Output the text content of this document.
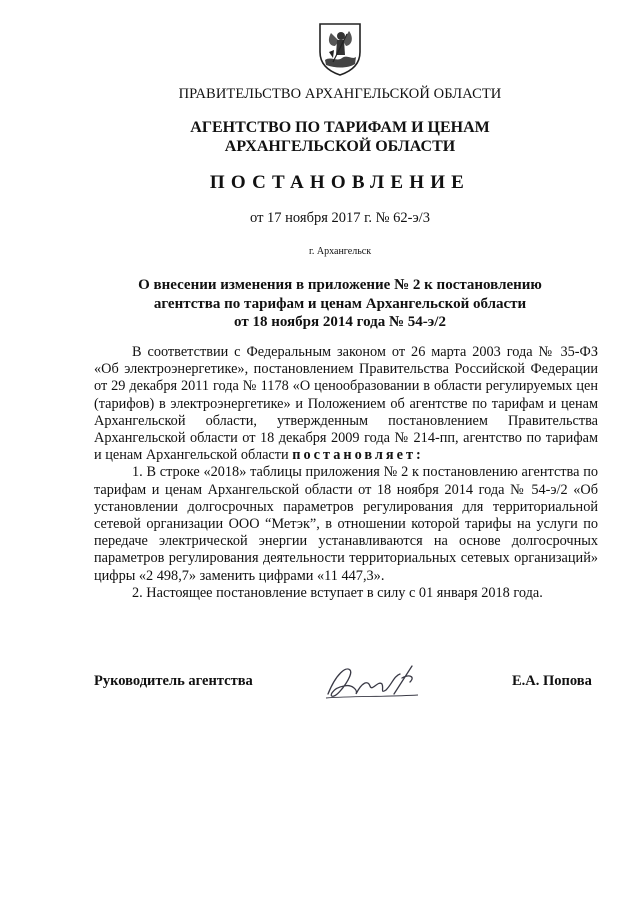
ПРАВИТЕЛЬСТВО АРХАНГЕЛЬСКОЙ ОБЛАСТИ
АГЕНТСТВО ПО ТАРИФАМ И ЦЕНАМ
АРХАНГЕЛЬСКОЙ ОБЛАСТИ
ПОСТАНОВЛЕНИЕ
от 17 ноября 2017 г. № 62-э/3
г. Архангельск
О внесении изменения в приложение № 2 к постановлению
агентства по тарифам и ценам Архангельской области
от 18 ноября 2014 года № 54-э/2

В соответствии с Федеральным законом от 26 марта 2003 года № 35-ФЗ «Об электроэнергетике», постановлением Правительства Российской Федерации от 29 декабря 2011 года № 1178 «О ценообразовании в области регулируемых цен (тарифов) в электроэнергетике» и Положением об агентстве по тарифам и ценам Архангельской области, утвержденным постановлением Правительства Архангельской области от 18 декабря 2009 года № 214-пп, агентство по тарифам и ценам Архангельской области постановляет:

1. В строке «2018» таблицы приложения № 2 к постановлению агентства по тарифам и ценам Архангельской области от 18 ноября 2014 года № 54-э/2 «Об установлении долгосрочных параметров регулирования для территориальной сетевой организации ООО “Метэк”, в отношении которой тарифы на услуги по передаче электрической энергии устанавливаются на основе долгосрочных параметров регулирования деятельности территориальных сетевых организаций» цифры «2 498,7» заменить цифрами «11 447,3».

2. Настоящее постановление вступает в силу с 01 января 2018 года.

Руководитель агентства	Е.А. Попова
